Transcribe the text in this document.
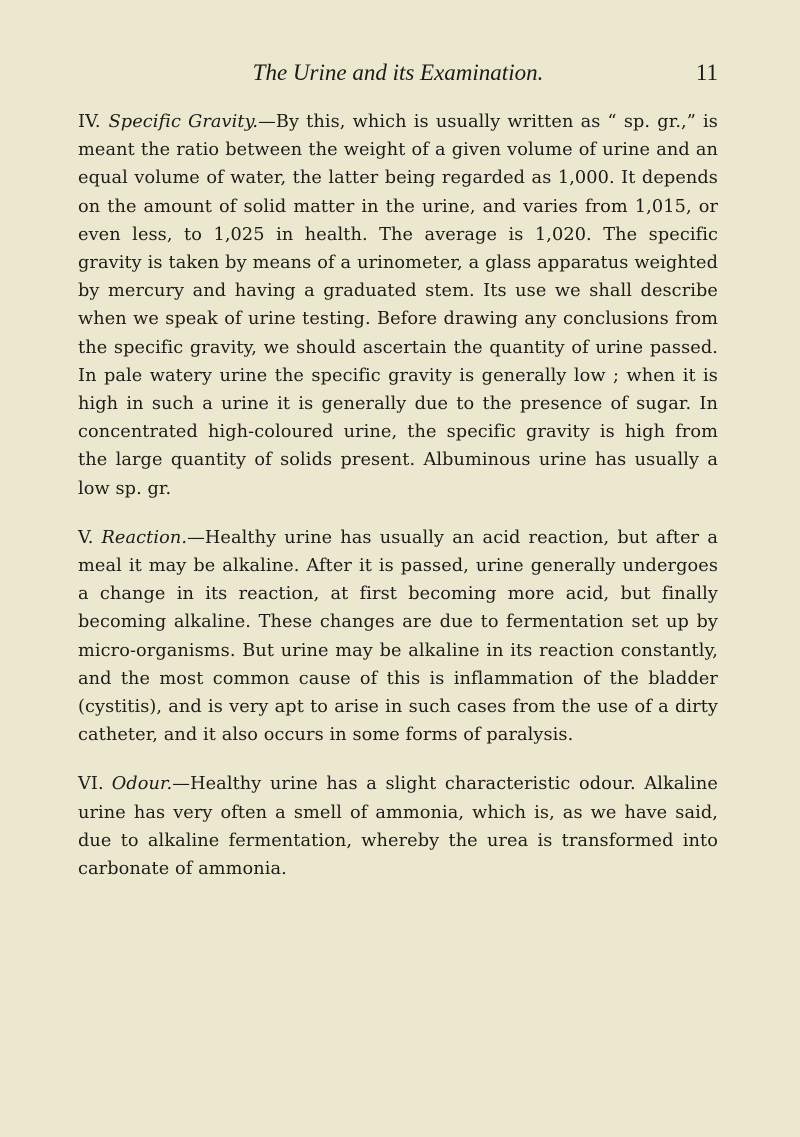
The Urine and its Examination.	11

IV. Specific Gravity.—By this, which is usually written as “ sp. gr.,” is meant the ratio between the weight of a given volume of urine and an equal volume of water, the latter being regarded as 1,000. It depends on the amount of solid matter in the urine, and varies from 1,015, or even less, to 1,025 in health. The average is 1,020. The specific gravity is taken by means of a urinometer, a glass apparatus weighted by mercury and having a graduated stem. Its use we shall describe when we speak of urine testing. Before drawing any conclusions from the specific gravity, we should ascertain the quantity of urine passed. In pale watery urine the specific gravity is generally low ; when it is high in such a urine it is generally due to the presence of sugar. In concentrated high-coloured urine, the specific gravity is high from the large quantity of solids present. Albuminous urine has usually a low sp. gr.

V. Reaction.—Healthy urine has usually an acid reaction, but after a meal it may be alkaline. After it is passed, urine generally undergoes a change in its reaction, at first becoming more acid, but finally becoming alkaline. These changes are due to fermentation set up by micro-organisms. But urine may be alkaline in its reaction constantly, and the most common cause of this is inflammation of the bladder (cystitis), and is very apt to arise in such cases from the use of a dirty catheter, and it also occurs in some forms of paralysis.

VI. Odour.—Healthy urine has a slight characteristic odour. Alkaline urine has very often a smell of ammonia, which is, as we have said, due to alkaline fermentation, whereby the urea is transformed into carbonate of ammonia.
